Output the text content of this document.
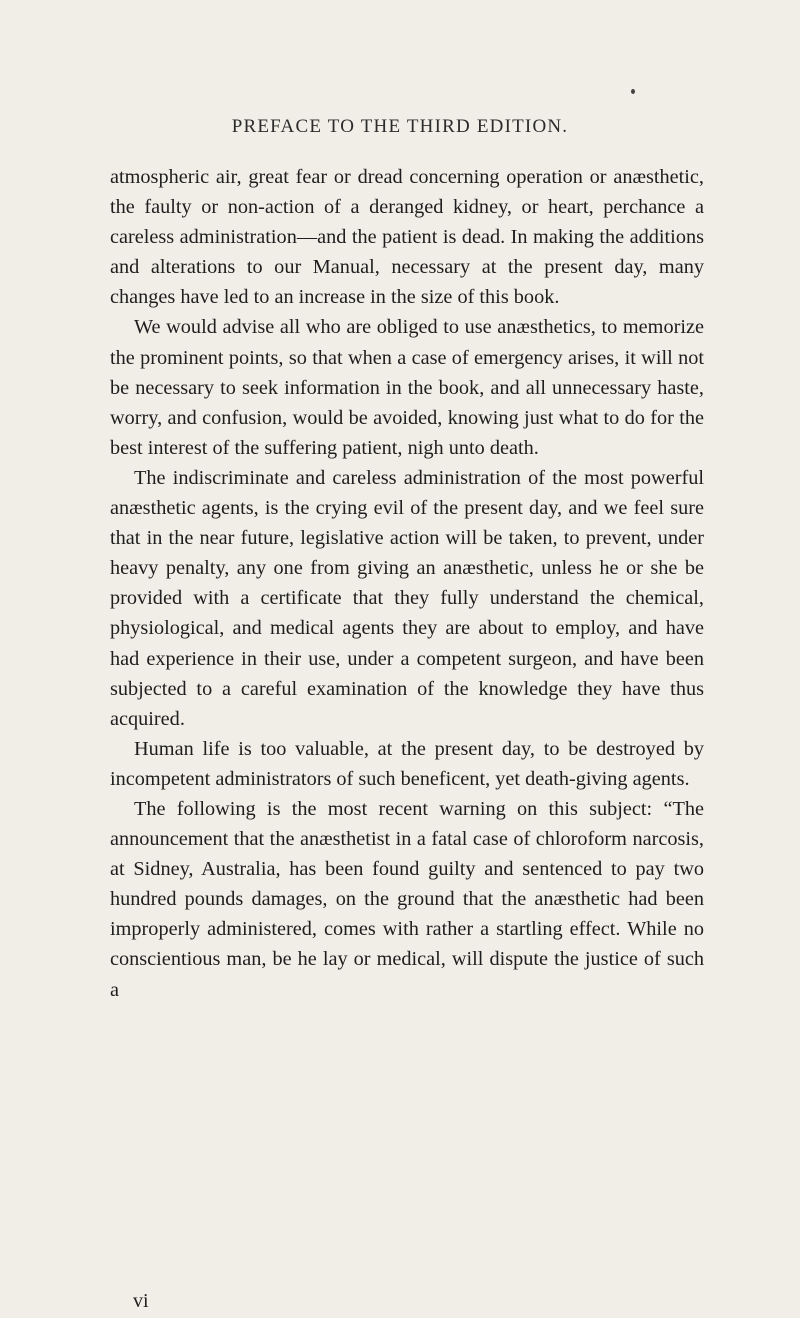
PREFACE TO THE THIRD EDITION.

atmospheric air, great fear or dread concerning operation or anæsthetic, the faulty or non-action of a deranged kidney, or heart, perchance a careless administration—and the patient is dead. In making the additions and alterations to our Manual, necessary at the present day, many changes have led to an increase in the size of this book.

We would advise all who are obliged to use anæsthetics, to memorize the prominent points, so that when a case of emergency arises, it will not be necessary to seek information in the book, and all unnecessary haste, worry, and confusion, would be avoided, knowing just what to do for the best interest of the suffering patient, nigh unto death.

The indiscriminate and careless administration of the most powerful anæsthetic agents, is the crying evil of the present day, and we feel sure that in the near future, legislative action will be taken, to prevent, under heavy penalty, any one from giving an anæsthetic, unless he or she be provided with a certificate that they fully understand the chemical, physiological, and medical agents they are about to employ, and have had experience in their use, under a competent surgeon, and have been subjected to a careful examination of the knowledge they have thus acquired.

Human life is too valuable, at the present day, to be destroyed by incompetent administrators of such beneficent, yet death-giving agents.

The following is the most recent warning on this subject: “The announcement that the anæsthetist in a fatal case of chloroform narcosis, at Sidney, Australia, has been found guilty and sentenced to pay two hundred pounds damages, on the ground that the anæsthetic had been improperly administered, comes with rather a startling effect. While no conscientious man, be he lay or medical, will dispute the justice of such a

vi
